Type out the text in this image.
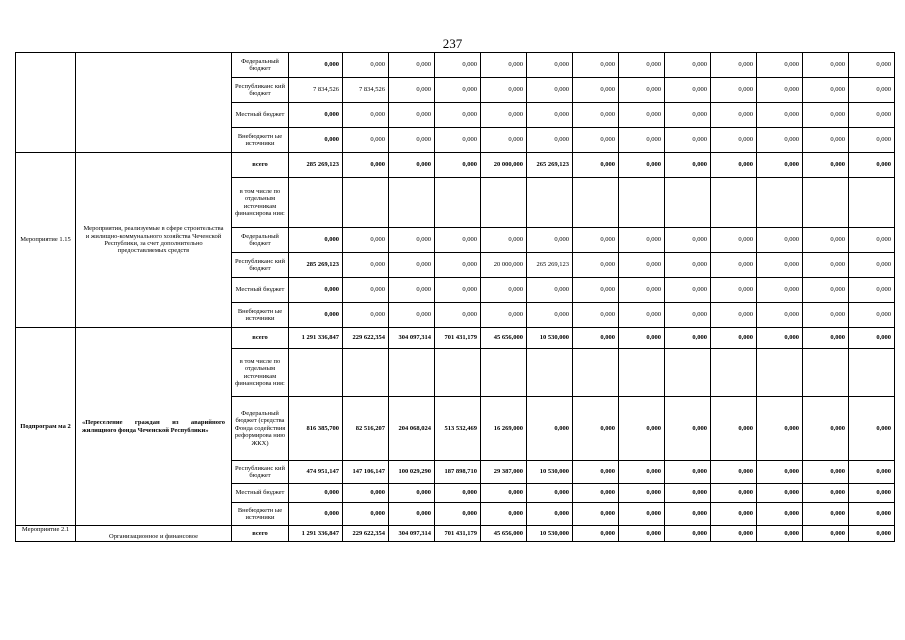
237
		Федеральный бюджет	0,000	0,000	0,000	0,000	0,000	0,000	0,000	0,000	0,000	0,000	0,000	0,000	0,000
		Республиканс кий бюджет	7 834,526	7 834,526	0,000	0,000	0,000	0,000	0,000	0,000	0,000	0,000	0,000	0,000	0,000
		Местный бюджет	0,000	0,000	0,000	0,000	0,000	0,000	0,000	0,000	0,000	0,000	0,000	0,000	0,000
		Внебюджетн ые источники	0,000	0,000	0,000	0,000	0,000	0,000	0,000	0,000	0,000	0,000	0,000	0,000	0,000
Мероприятие 1.15	Мероприятия, реализуемые в сфере строительства и жилищно-коммунального хозяйства Чеченской Республики, за счет дополнительно предоставляемых средств	всего	285 269,123	0,000	0,000	0,000	20 000,000	265 269,123	0,000	0,000	0,000	0,000	0,000	0,000	0,000
		в том числе по отдельным источникам финансирова ния:													
		Федеральный бюджет	0,000	0,000	0,000	0,000	0,000	0,000	0,000	0,000	0,000	0,000	0,000	0,000	0,000
		Республиканс кий бюджет	285 269,123	0,000	0,000	0,000	20 000,000	265 269,123	0,000	0,000	0,000	0,000	0,000	0,000	0,000
		Местный бюджет	0,000	0,000	0,000	0,000	0,000	0,000	0,000	0,000	0,000	0,000	0,000	0,000	0,000
		Внебюджетн ые источники	0,000	0,000	0,000	0,000	0,000	0,000	0,000	0,000	0,000	0,000	0,000	0,000	0,000
Подпрограм ма 2	«Переселение граждан из аварийного жилищного фонда Чеченской Республики»	всего	1 291 336,847	229 622,354	304 097,314	701 431,179	45 656,000	10 530,000	0,000	0,000	0,000	0,000	0,000	0,000	0,000
		в том числе по отдельным источникам финансирова ния:													
		Федеральный бюджет (средства Фонда содействия реформирова нию ЖКХ)	816 385,700	82 516,207	204 068,024	513 532,469	16 269,000	0,000	0,000	0,000	0,000	0,000	0,000	0,000	0,000
		Республиканс кий бюджет	474 951,147	147 106,147	100 029,290	187 898,710	29 387,000	10 530,000	0,000	0,000	0,000	0,000	0,000	0,000	0,000
		Местный бюджет	0,000	0,000	0,000	0,000	0,000	0,000	0,000	0,000	0,000	0,000	0,000	0,000	0,000
		Внебюджетн ые источники	0,000	0,000	0,000	0,000	0,000	0,000	0,000	0,000	0,000	0,000	0,000	0,000	0,000
Мероприятие 2.1	Организационное и финансовое	всего	1 291 336,847	229 622,354	304 097,314	701 431,179	45 656,000	10 530,000	0,000	0,000	0,000	0,000	0,000	0,000	0,000
